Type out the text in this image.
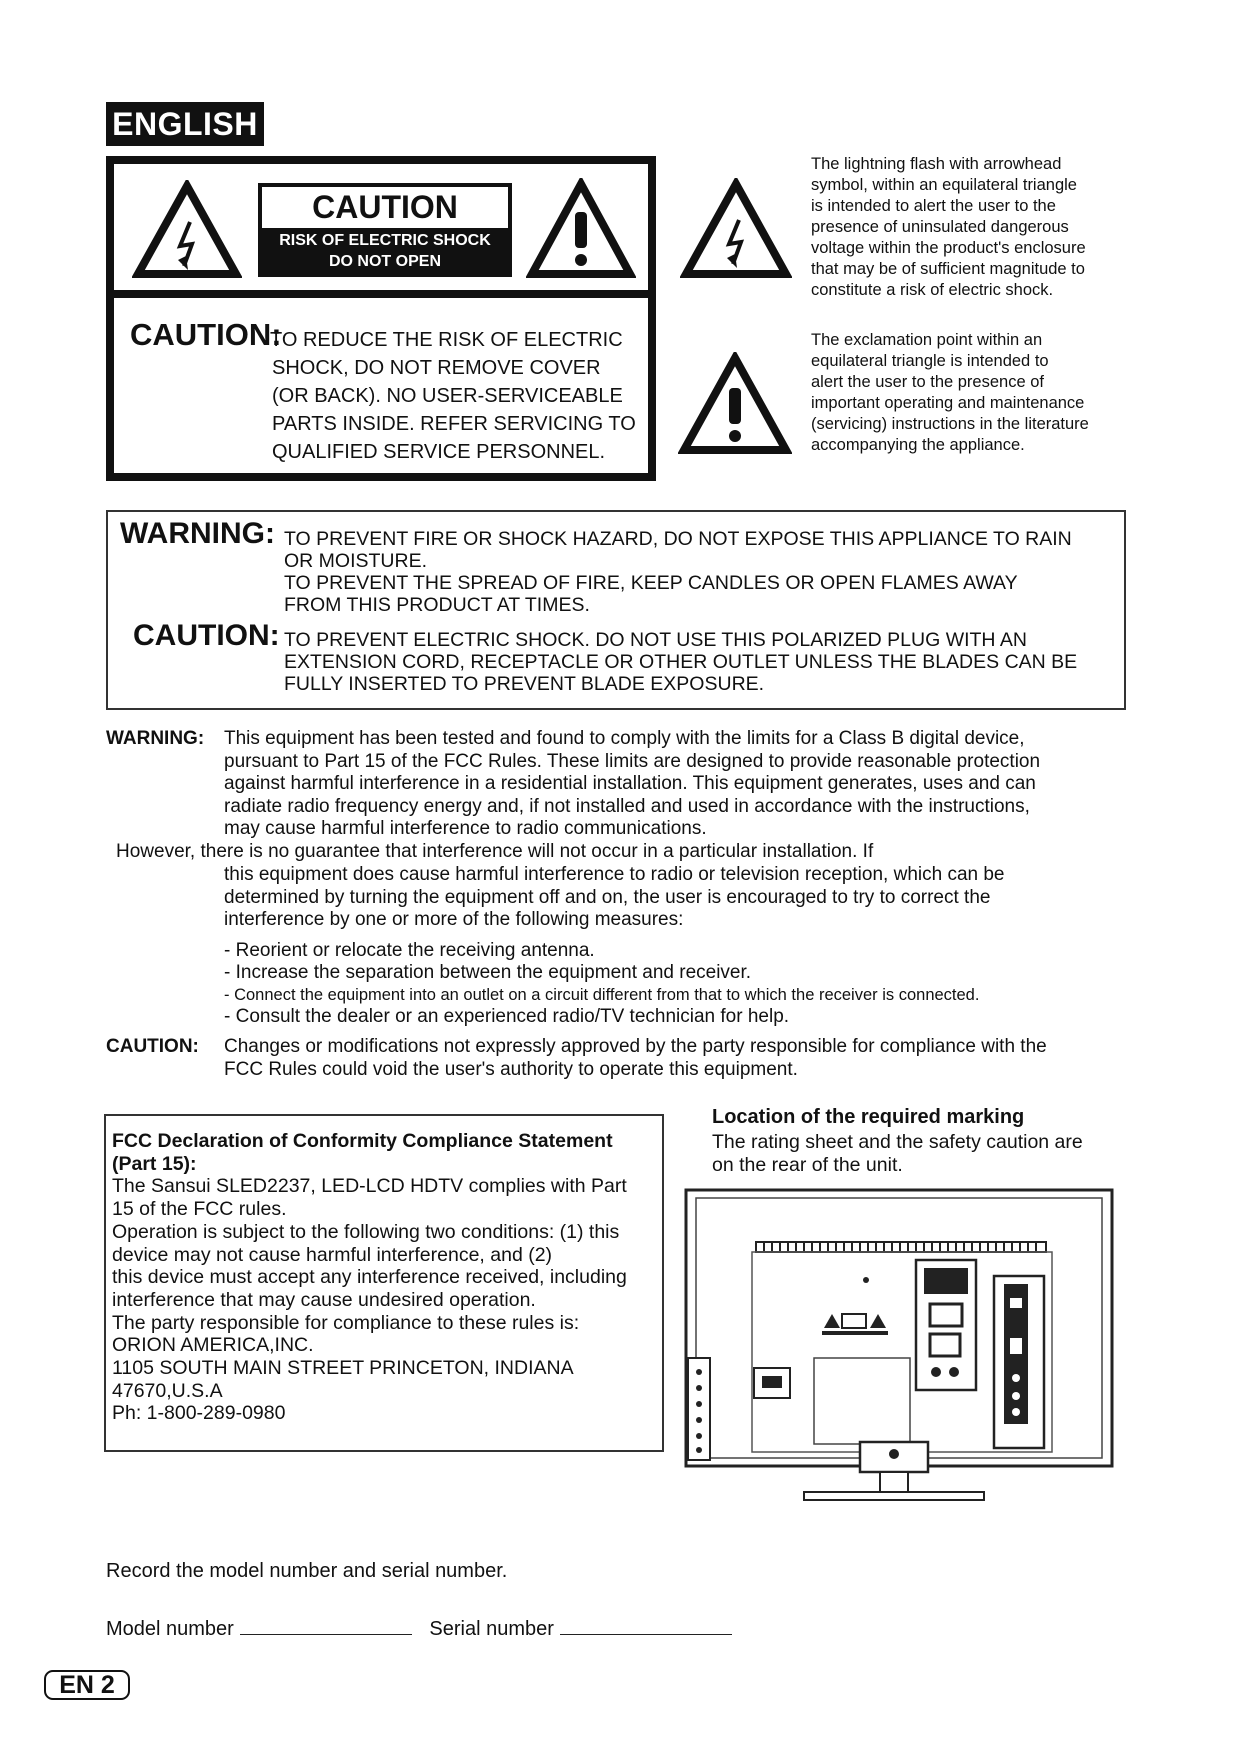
ENGLISH
CAUTION
RISK OF ELECTRIC SHOCK
DO NOT OPEN
CAUTION:
TO REDUCE THE RISK OF ELECTRIC
SHOCK, DO NOT REMOVE COVER
(OR BACK). NO USER-SERVICEABLE
PARTS INSIDE. REFER SERVICING TO
QUALIFIED SERVICE PERSONNEL.
The lightning flash with arrowhead
symbol, within an equilateral triangle
is intended to alert the user to the
presence of uninsulated dangerous
voltage within the product's enclosure
that may be of sufficient magnitude to
constitute a risk of electric shock.
The exclamation point within an
equilateral triangle is intended to
alert the user to the presence of
important operating and maintenance
(servicing) instructions in the literature
accompanying the appliance.
WARNING: TO PREVENT FIRE OR SHOCK HAZARD, DO NOT EXPOSE THIS APPLIANCE TO RAIN
OR MOISTURE.
TO PREVENT THE SPREAD OF FIRE, KEEP CANDLES OR OPEN FLAMES AWAY
FROM THIS PRODUCT AT TIMES.
CAUTION: TO PREVENT ELECTRIC SHOCK. DO NOT USE THIS POLARIZED PLUG WITH AN
EXTENSION CORD, RECEPTACLE OR OTHER OUTLET UNLESS THE BLADES CAN BE
FULLY INSERTED TO PREVENT BLADE EXPOSURE.
WARNING: This equipment has been tested and found to comply with the limits for a Class B digital device,
pursuant to Part 15 of the FCC Rules. These limits are designed to provide reasonable protection
against harmful interference in a residential installation. This equipment generates, uses and can
radiate radio frequency energy and, if not installed and used in accordance with the instructions,
may cause harmful interference to radio communications.
However, there is no guarantee that interference will not occur in a particular installation. If
this equipment does cause harmful interference to radio or television reception, which can be
determined by turning the equipment off and on, the user is encouraged to try to correct the
interference by one or more of the following measures:
- Reorient or relocate the receiving antenna.
- Increase the separation between the equipment and receiver.
- Connect the equipment into an outlet on a circuit different from that to which the receiver is connected.
- Consult the dealer or an experienced radio/TV technician for help.
CAUTION: Changes or modifications not expressly approved by the party responsible for compliance with the
FCC Rules could void the user's authority to operate this equipment.
FCC Declaration of Conformity Compliance Statement
(Part 15):
The Sansui SLED2237, LED-LCD HDTV complies with Part
15 of the FCC rules.
Operation is subject to the following two conditions: (1) this
device may not cause harmful interference, and (2)
this device must accept any interference received, including
interference that may cause undesired operation.
The party responsible for compliance to these rules is:
ORION AMERICA,INC.
1105 SOUTH MAIN STREET PRINCETON, INDIANA
47670,U.S.A
Ph: 1-800-289-0980
Location of the required marking
The rating sheet and the safety caution are
on the rear of the unit.
Record the model number and serial number.
Model number	Serial number
EN 2
